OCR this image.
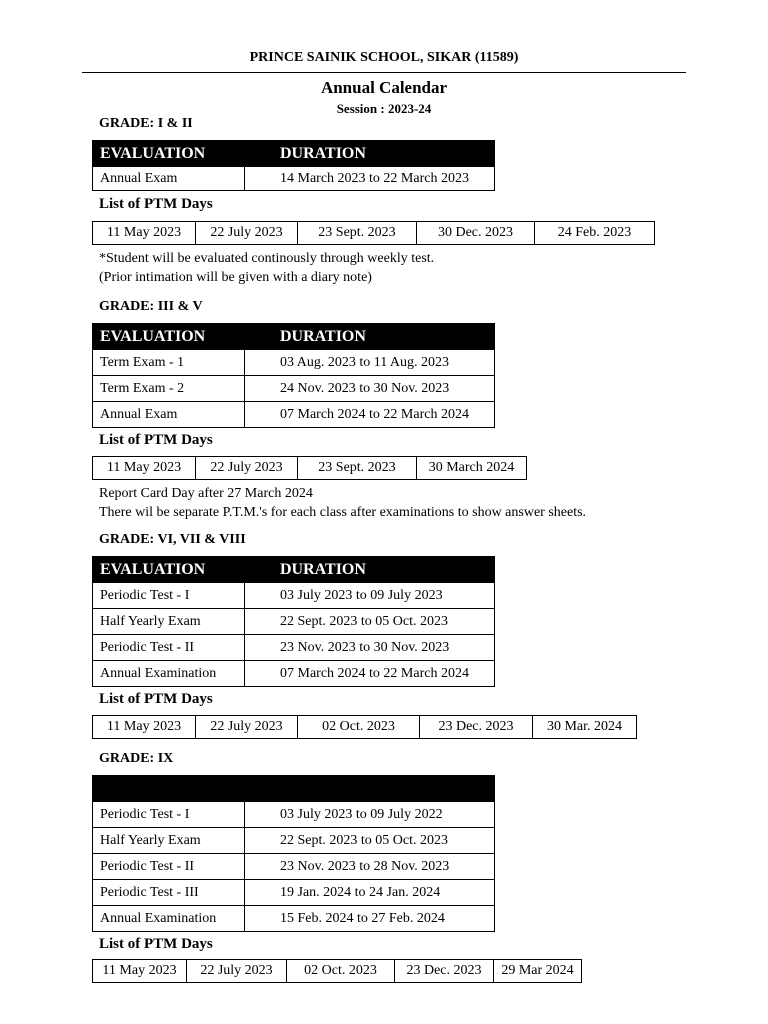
PRINCE SAINIK SCHOOL, SIKAR (11589)
Annual Calendar
Session : 2023-24
GRADE: I & II
EVALUATION	DURATION
Annual Exam	14 March 2023 to 22 March 2023
List of PTM Days
11 May 2023	22 July 2023	23 Sept. 2023	30 Dec. 2023	24 Feb. 2023
*Student will be evaluated continously through weekly test.
(Prior intimation will be given with a diary note)
GRADE: III & V
EVALUATION	DURATION
Term Exam - 1	03 Aug. 2023 to 11 Aug. 2023
Term Exam - 2	24 Nov. 2023 to 30 Nov. 2023
Annual Exam	07 March 2024 to 22 March 2024
List of PTM Days
11 May 2023	22 July 2023	23 Sept. 2023	30 March 2024
Report Card Day after 27 March 2024
There wil be separate P.T.M.'s for each class after examinations to show answer sheets.
GRADE: VI, VII & VIII
EVALUATION	DURATION
Periodic Test - I	03 July 2023 to 09 July 2023
Half Yearly Exam	22 Sept. 2023 to 05 Oct. 2023
Periodic Test - II	23 Nov. 2023 to 30 Nov. 2023
Annual Examination	07 March 2024 to 22 March 2024
List of PTM Days
11 May 2023	22 July 2023	02 Oct. 2023	23 Dec. 2023	30 Mar. 2024
GRADE: IX

Periodic Test - I	03 July 2023 to 09 July 2022
Half Yearly Exam	22 Sept. 2023 to 05 Oct. 2023
Periodic Test - II	23 Nov. 2023 to 28 Nov. 2023
Periodic Test - III	19 Jan. 2024 to 24 Jan. 2024
Annual Examination	15 Feb. 2024 to 27 Feb. 2024
List of PTM Days
11 May 2023	22 July 2023	02 Oct. 2023	23 Dec. 2023	29 Mar 2024
